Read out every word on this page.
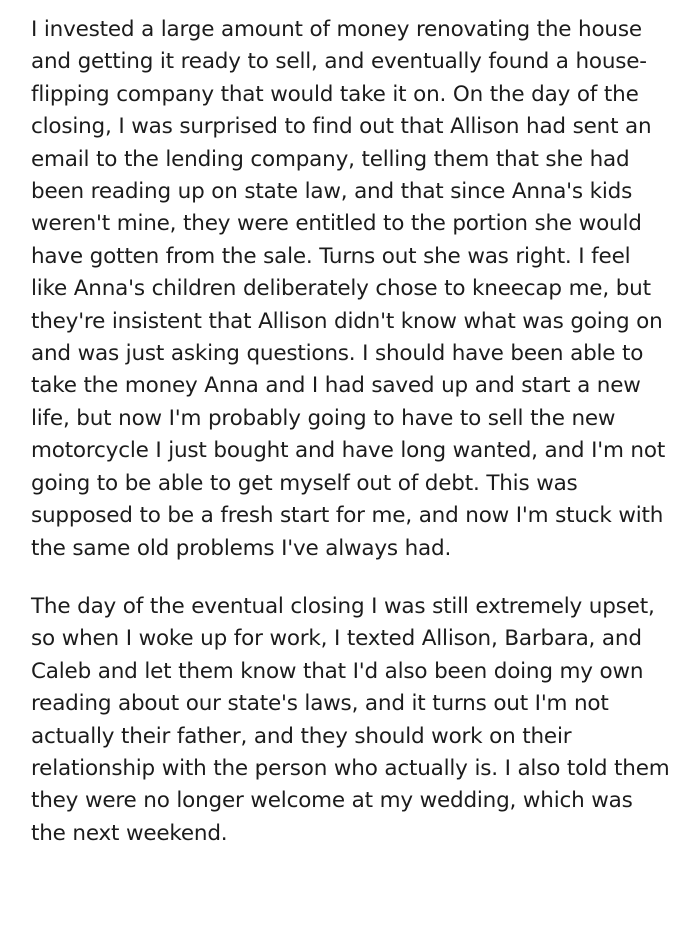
I invested a large amount of money renovating the house and getting it ready to sell, and eventually found a house-flipping company that would take it on. On the day of the closing, I was surprised to find out that Allison had sent an email to the lending company, telling them that she had been reading up on state law, and that since Anna's kids weren't mine, they were entitled to the portion she would have gotten from the sale. Turns out she was right. I feel like Anna's children deliberately chose to kneecap me, but they're insistent that Allison didn't know what was going on and was just asking questions. I should have been able to take the money Anna and I had saved up and start a new life, but now I'm probably going to have to sell the new motorcycle I just bought and have long wanted, and I'm not going to be able to get myself out of debt. This was supposed to be a fresh start for me, and now I'm stuck with the same old problems I've always had.

The day of the eventual closing I was still extremely upset, so when I woke up for work, I texted Allison, Barbara, and Caleb and let them know that I'd also been doing my own reading about our state's laws, and it turns out I'm not actually their father, and they should work on their relationship with the person who actually is. I also told them they were no longer welcome at my wedding, which was the next weekend.
